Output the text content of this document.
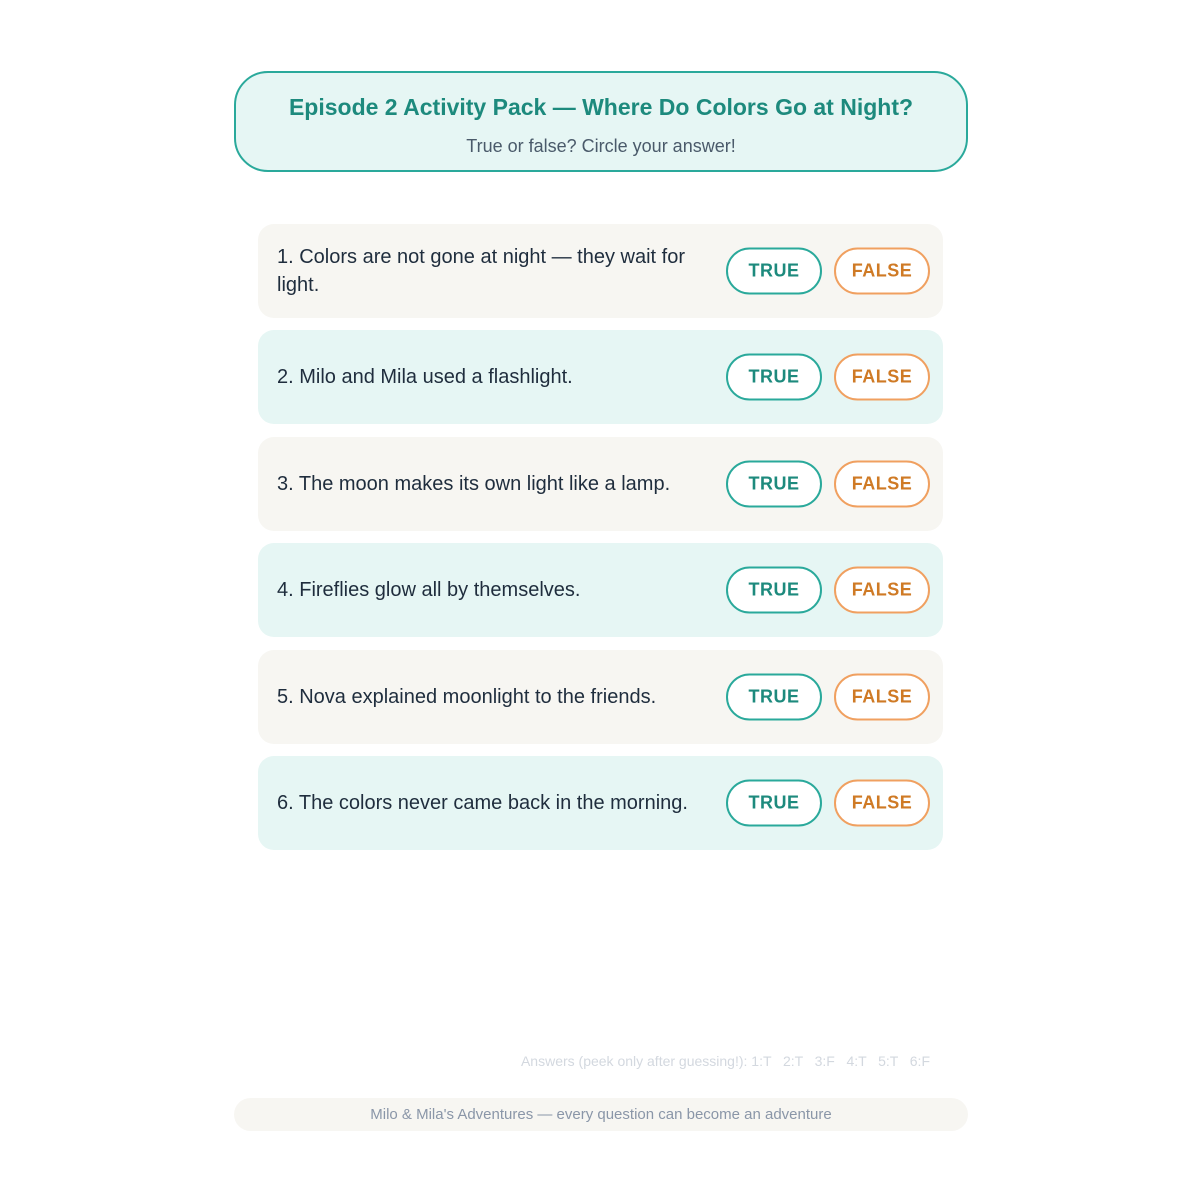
Episode 2 Activity Pack — Where Do Colors Go at Night?
True or false? Circle your answer!
1. Colors are not gone at night — they wait for light.
TRUE	FALSE
2. Milo and Mila used a flashlight.	TRUE	FALSE
3. The moon makes its own light like a lamp.	TRUE	FALSE
4. Fireflies glow all by themselves.	TRUE	FALSE
5. Nova explained moonlight to the friends.	TRUE	FALSE
6. The colors never came back in the morning.	TRUE	FALSE
Answers (peek only after guessing!): 1:T   2:T   3:F   4:T   5:T   6:F
Milo & Mila's Adventures — every question can become an adventure
